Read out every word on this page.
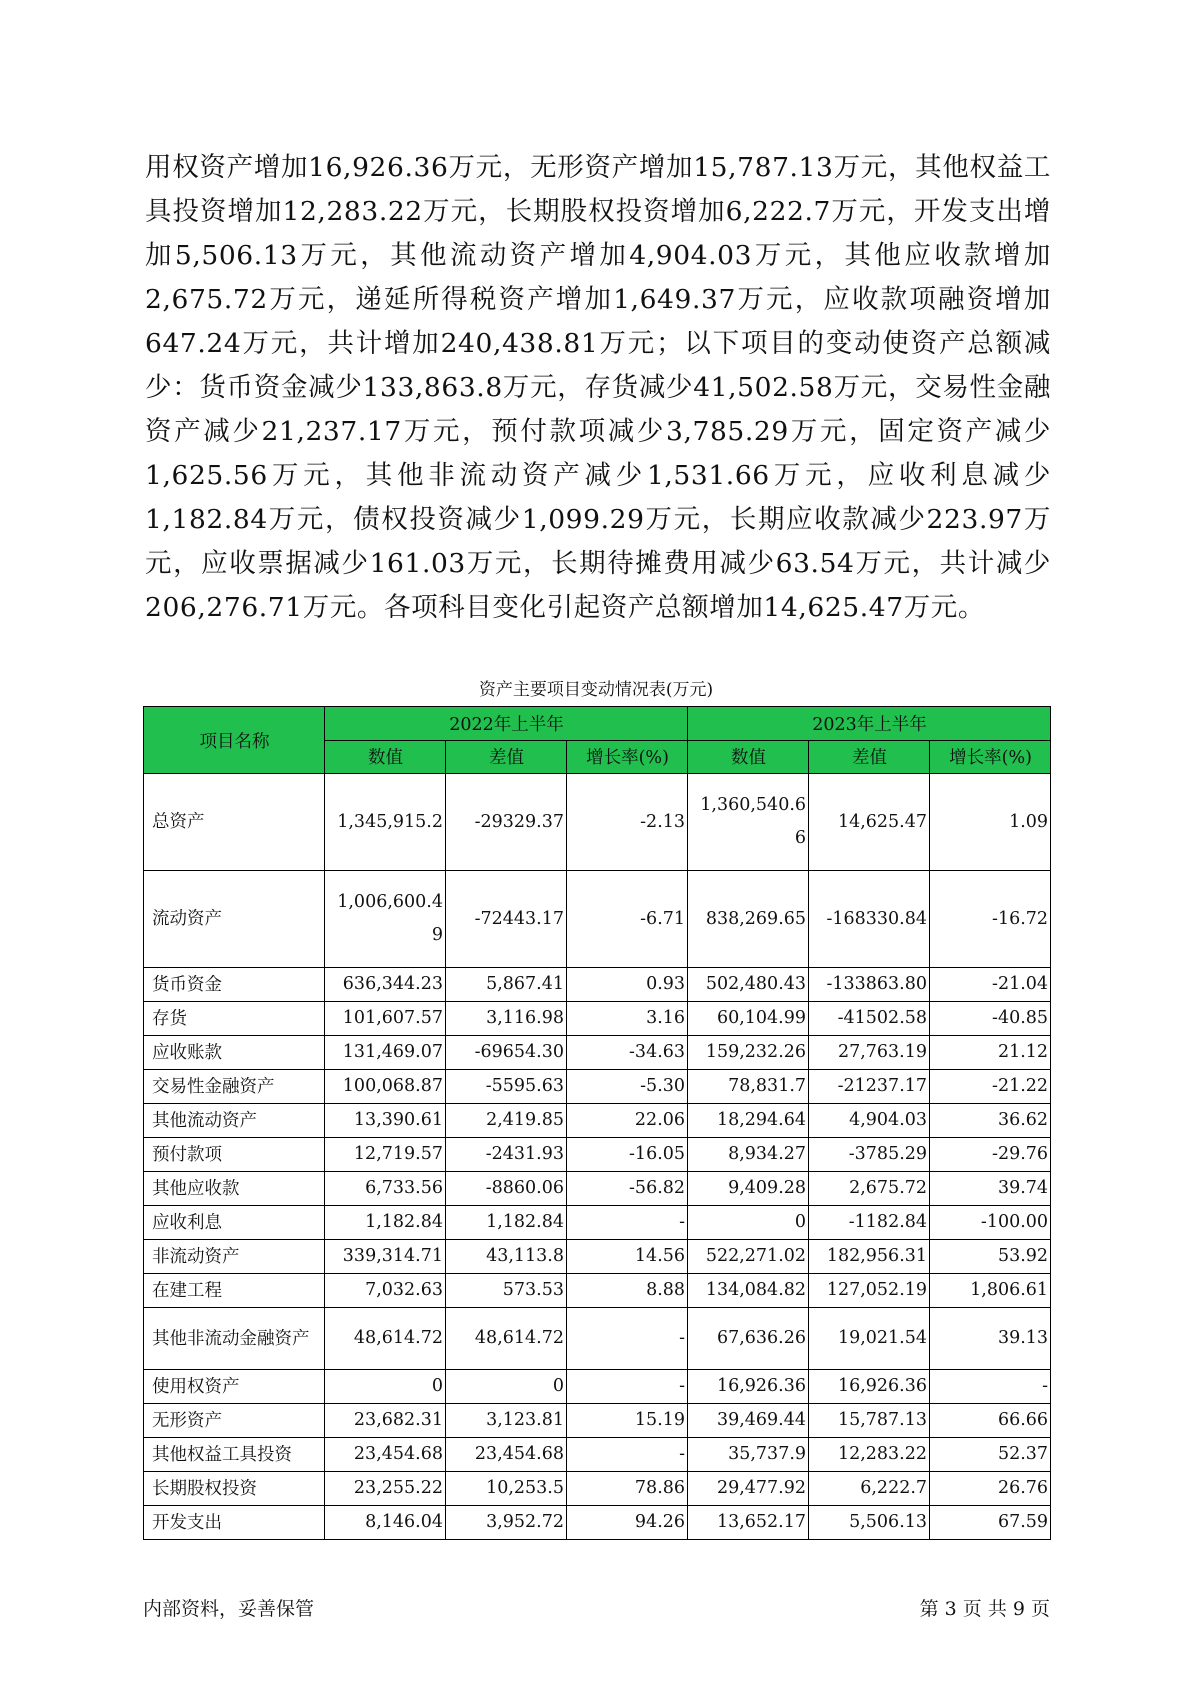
用权资产增加16,926.36万元，无形资产增加15,787.13万元，其他权益工具投资增加12,283.22万元，长期股权投资增加6,222.7万元，开发支出增加5,506.13万元，其他流动资产增加4,904.03万元，其他应收款增加2,675.72万元，递延所得税资产增加1,649.37万元，应收款项融资增加647.24万元，共计增加240,438.81万元；以下项目的变动使资产总额减少：货币资金减少133,863.8万元，存货减少41,502.58万元，交易性金融资产减少21,237.17万元，预付款项减少3,785.29万元，固定资产减少1,625.56万元，其他非流动资产减少1,531.66万元，应收利息减少1,182.84万元，债权投资减少1,099.29万元，长期应收款减少223.97万元，应收票据减少161.03万元，长期待摊费用减少63.54万元，共计减少206,276.71万元。各项科目变化引起资产总额增加14,625.47万元。

资产主要项目变动情况表(万元)

项目名称	2022年上半年			2023年上半年		
	数值	差值	增长率(%)	数值	差值	增长率(%)
总资产	1,345,915.2	-29329.37	-2.13	1,360,540.66	14,625.47	1.09
流动资产	1,006,600.49	-72443.17	-6.71	838,269.65	-168330.84	-16.72
货币资金	636,344.23	5,867.41	0.93	502,480.43	-133863.80	-21.04
存货	101,607.57	3,116.98	3.16	60,104.99	-41502.58	-40.85
应收账款	131,469.07	-69654.30	-34.63	159,232.26	27,763.19	21.12
交易性金融资产	100,068.87	-5595.63	-5.30	78,831.7	-21237.17	-21.22
其他流动资产	13,390.61	2,419.85	22.06	18,294.64	4,904.03	36.62
预付款项	12,719.57	-2431.93	-16.05	8,934.27	-3785.29	-29.76
其他应收款	6,733.56	-8860.06	-56.82	9,409.28	2,675.72	39.74
应收利息	1,182.84	1,182.84	-	0	-1182.84	-100.00
非流动资产	339,314.71	43,113.8	14.56	522,271.02	182,956.31	53.92
在建工程	7,032.63	573.53	8.88	134,084.82	127,052.19	1,806.61
其他非流动金融资产	48,614.72	48,614.72	-	67,636.26	19,021.54	39.13
使用权资产	0	0	-	16,926.36	16,926.36	-
无形资产	23,682.31	3,123.81	15.19	39,469.44	15,787.13	66.66
其他权益工具投资	23,454.68	23,454.68	-	35,737.9	12,283.22	52.37
长期股权投资	23,255.22	10,253.5	78.86	29,477.92	6,222.7	26.76
开发支出	8,146.04	3,952.72	94.26	13,652.17	5,506.13	67.59

内部资料，妥善保管	第 3 页 共 9 页
